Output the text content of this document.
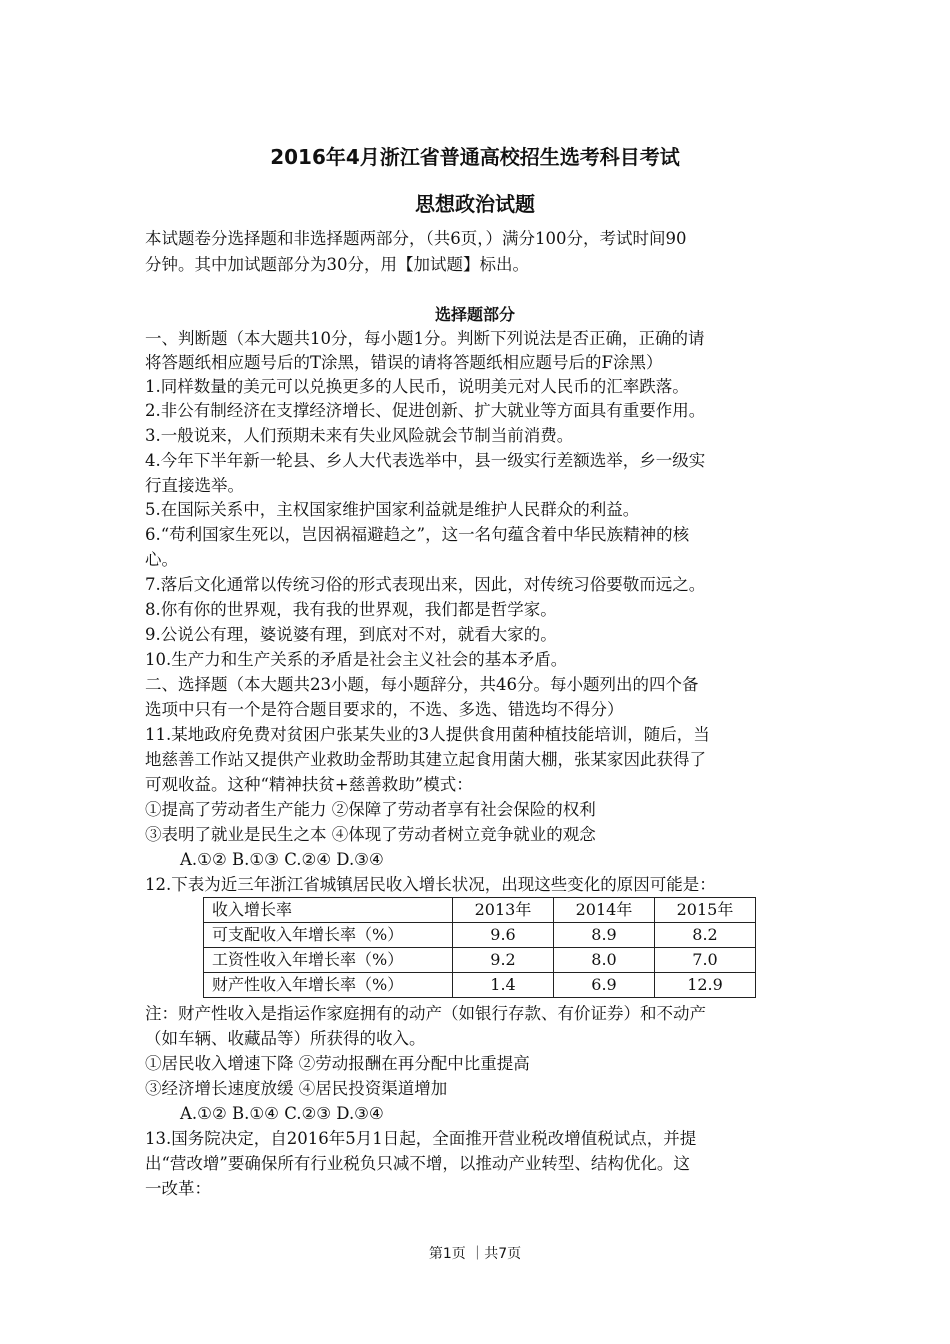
2016年4月浙江省普通高校招生选考科目考试
思想政治试题
本试题卷分选择题和非选择题两部分，（共6页，）满分100分，考试时间90
分钟。其中加试题部分为30分，用【加试题】标出。
选择题部分
一、判断题（本大题共10分，每小题1分。判断下列说法是否正确，正确的请
将答题纸相应题号后的T涂黑，错误的请将答题纸相应题号后的F涂黑）
1.同样数量的美元可以兑换更多的人民币，说明美元对人民币的汇率跌落。
2.非公有制经济在支撑经济增长、促进创新、扩大就业等方面具有重要作用。
3.一般说来，人们预期未来有失业风险就会节制当前消费。
4.今年下半年新一轮县、乡人大代表选举中，县一级实行差额选举，乡一级实
行直接选举。
5.在国际关系中，主权国家维护国家利益就是维护人民群众的利益。
6.“苟利国家生死以，岂因祸福避趋之”，这一名句蕴含着中华民族精神的核
心。
7.落后文化通常以传统习俗的形式表现出来，因此，对传统习俗要敬而远之。
8.你有你的世界观，我有我的世界观，我们都是哲学家。
9.公说公有理，婆说婆有理，到底对不对，就看大家的。
10.生产力和生产关系的矛盾是社会主义社会的基本矛盾。
二、选择题（本大题共23小题，每小题辞分，共46分。每小题列出的四个备
选项中只有一个是符合题目要求的，不选、多选、错选均不得分）
11.某地政府免费对贫困户张某失业的3人提供食用菌种植技能培训，随后，当
地慈善工作站又提供产业救助金帮助其建立起食用菌大棚，张某家因此获得了
可观收益。这种“精神扶贫+慈善救助”模式：
①提高了劳动者生产能力 ②保障了劳动者享有社会保险的权利
③表明了就业是民生之本 ④体现了劳动者树立竞争就业的观念
A.①② B.①③ C.②④ D.③④
12.下表为近三年浙江省城镇居民收入增长状况，出现这些变化的原因可能是：
收入增长率	2013年	2014年	2015年
可支配收入年增长率（%）	9.6	8.9	8.2
工资性收入年增长率（%）	9.2	8.0	7.0
财产性收入年增长率（%）	1.4	6.9	12.9
注：财产性收入是指运作家庭拥有的动产（如银行存款、有价证券）和不动产
（如车辆、收藏品等）所获得的收入。
①居民收入增速下降 ②劳动报酬在再分配中比重提高
③经济增长速度放缓 ④居民投资渠道增加
A.①② B.①④ C.②③ D.③④
13.国务院决定，自2016年5月1日起，全面推开营业税改增值税试点，并提
出“营改增”要确保所有行业税负只减不增，以推动产业转型、结构优化。这
一改革：
第1页 ｜共7页
